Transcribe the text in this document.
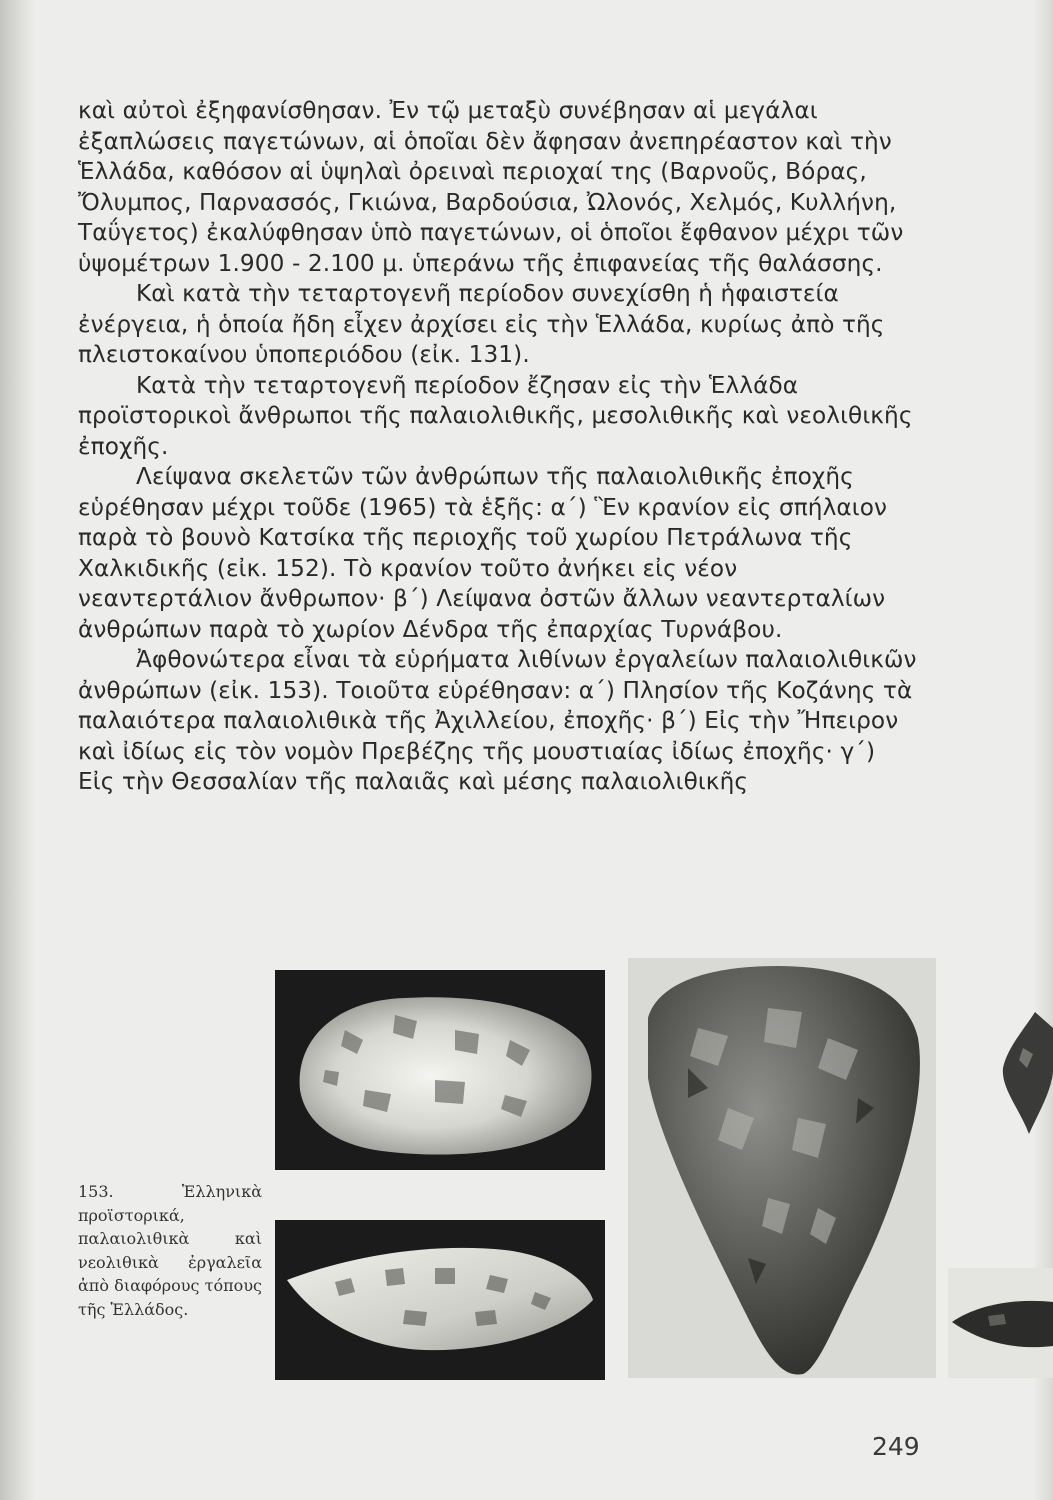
καὶ αὐτοὶ ἐξηφανίσθησαν. Ἐν τῷ μεταξὺ συνέβησαν αἱ μεγάλαι ἐξαπλώσεις παγετώνων, αἱ ὁποῖαι δὲν ἄφησαν ἀνεπηρέαστον καὶ τὴν Ἑλλάδα, καθόσον αἱ ὑψηλαὶ ὀρειναὶ περιοχαί της (Βαρνοῦς, Βόρας, Ὄλυμπος, Παρνασσός, Γκιώνα, Βαρδούσια, Ὠλονός, Χελμός, Κυλλήνη, Ταΰγετος) ἐκαλύφθησαν ὑπὸ παγετώνων, οἱ ὁποῖοι ἔφθανον μέχρι τῶν ὑψομέτρων 1.900 - 2.100 μ. ὑπεράνω τῆς ἐπιφανείας τῆς θαλάσσης.

Καὶ κατὰ τὴν τεταρτογενῆ περίοδον συνεχίσθη ἡ ἡφαιστεία ἐνέργεια, ἡ ὁποία ἤδη εἶχεν ἀρχίσει εἰς τὴν Ἑλλάδα, κυρίως ἀπὸ τῆς πλειστοκαίνου ὑποπεριόδου (εἰκ. 131).

Κατὰ τὴν τεταρτογενῆ περίοδον ἔζησαν εἰς τὴν Ἑλλάδα προϊστορικοὶ ἄνθρωποι τῆς παλαιολιθικῆς, μεσολιθικῆς καὶ νεολιθικῆς ἐποχῆς.

Λείψανα σκελετῶν τῶν ἀνθρώπων τῆς παλαιολιθικῆς ἐποχῆς εὑρέθησαν μέχρι τοῦδε (1965) τὰ ἑξῆς: α΄) Ἓν κρανίον εἰς σπήλαιον παρὰ τὸ βουνὸ Κατσίκα τῆς περιοχῆς τοῦ χωρίου Πετράλωνα τῆς Χαλκιδικῆς (εἰκ. 152). Τὸ κρανίον τοῦτο ἀνήκει εἰς νέον νεαντερτάλιον ἄνθρωπον· β΄) Λείψανα ὀστῶν ἄλλων νεαντερταλίων ἀνθρώπων παρὰ τὸ χωρίον Δένδρα τῆς ἐπαρχίας Τυρνάβου.

Ἀφθονώτερα εἶναι τὰ εὑρήματα λιθίνων ἐργαλείων παλαιολιθικῶν ἀνθρώπων (εἰκ. 153). Τοιοῦτα εὑρέθησαν: α΄) Πλησίον τῆς Κοζάνης τὰ παλαιότερα παλαιολιθικὰ τῆς Ἀχιλλείου, ἐποχῆς· β΄) Εἰς τὴν Ἤπειρον καὶ ἰδίως εἰς τὸν νομὸν Πρεβέζης τῆς μουστιαίας ἰδίως ἐποχῆς· γ΄) Εἰς τὴν Θεσσαλίαν τῆς παλαιᾶς καὶ μέσης παλαιολιθικῆς

153. Ἑλληνικὰ προϊστορικά, παλαιολιθικὰ καὶ νεολιθικὰ ἐργαλεῖα ἀπὸ διαφόρους τόπους τῆς Ἑλλάδος.
249
